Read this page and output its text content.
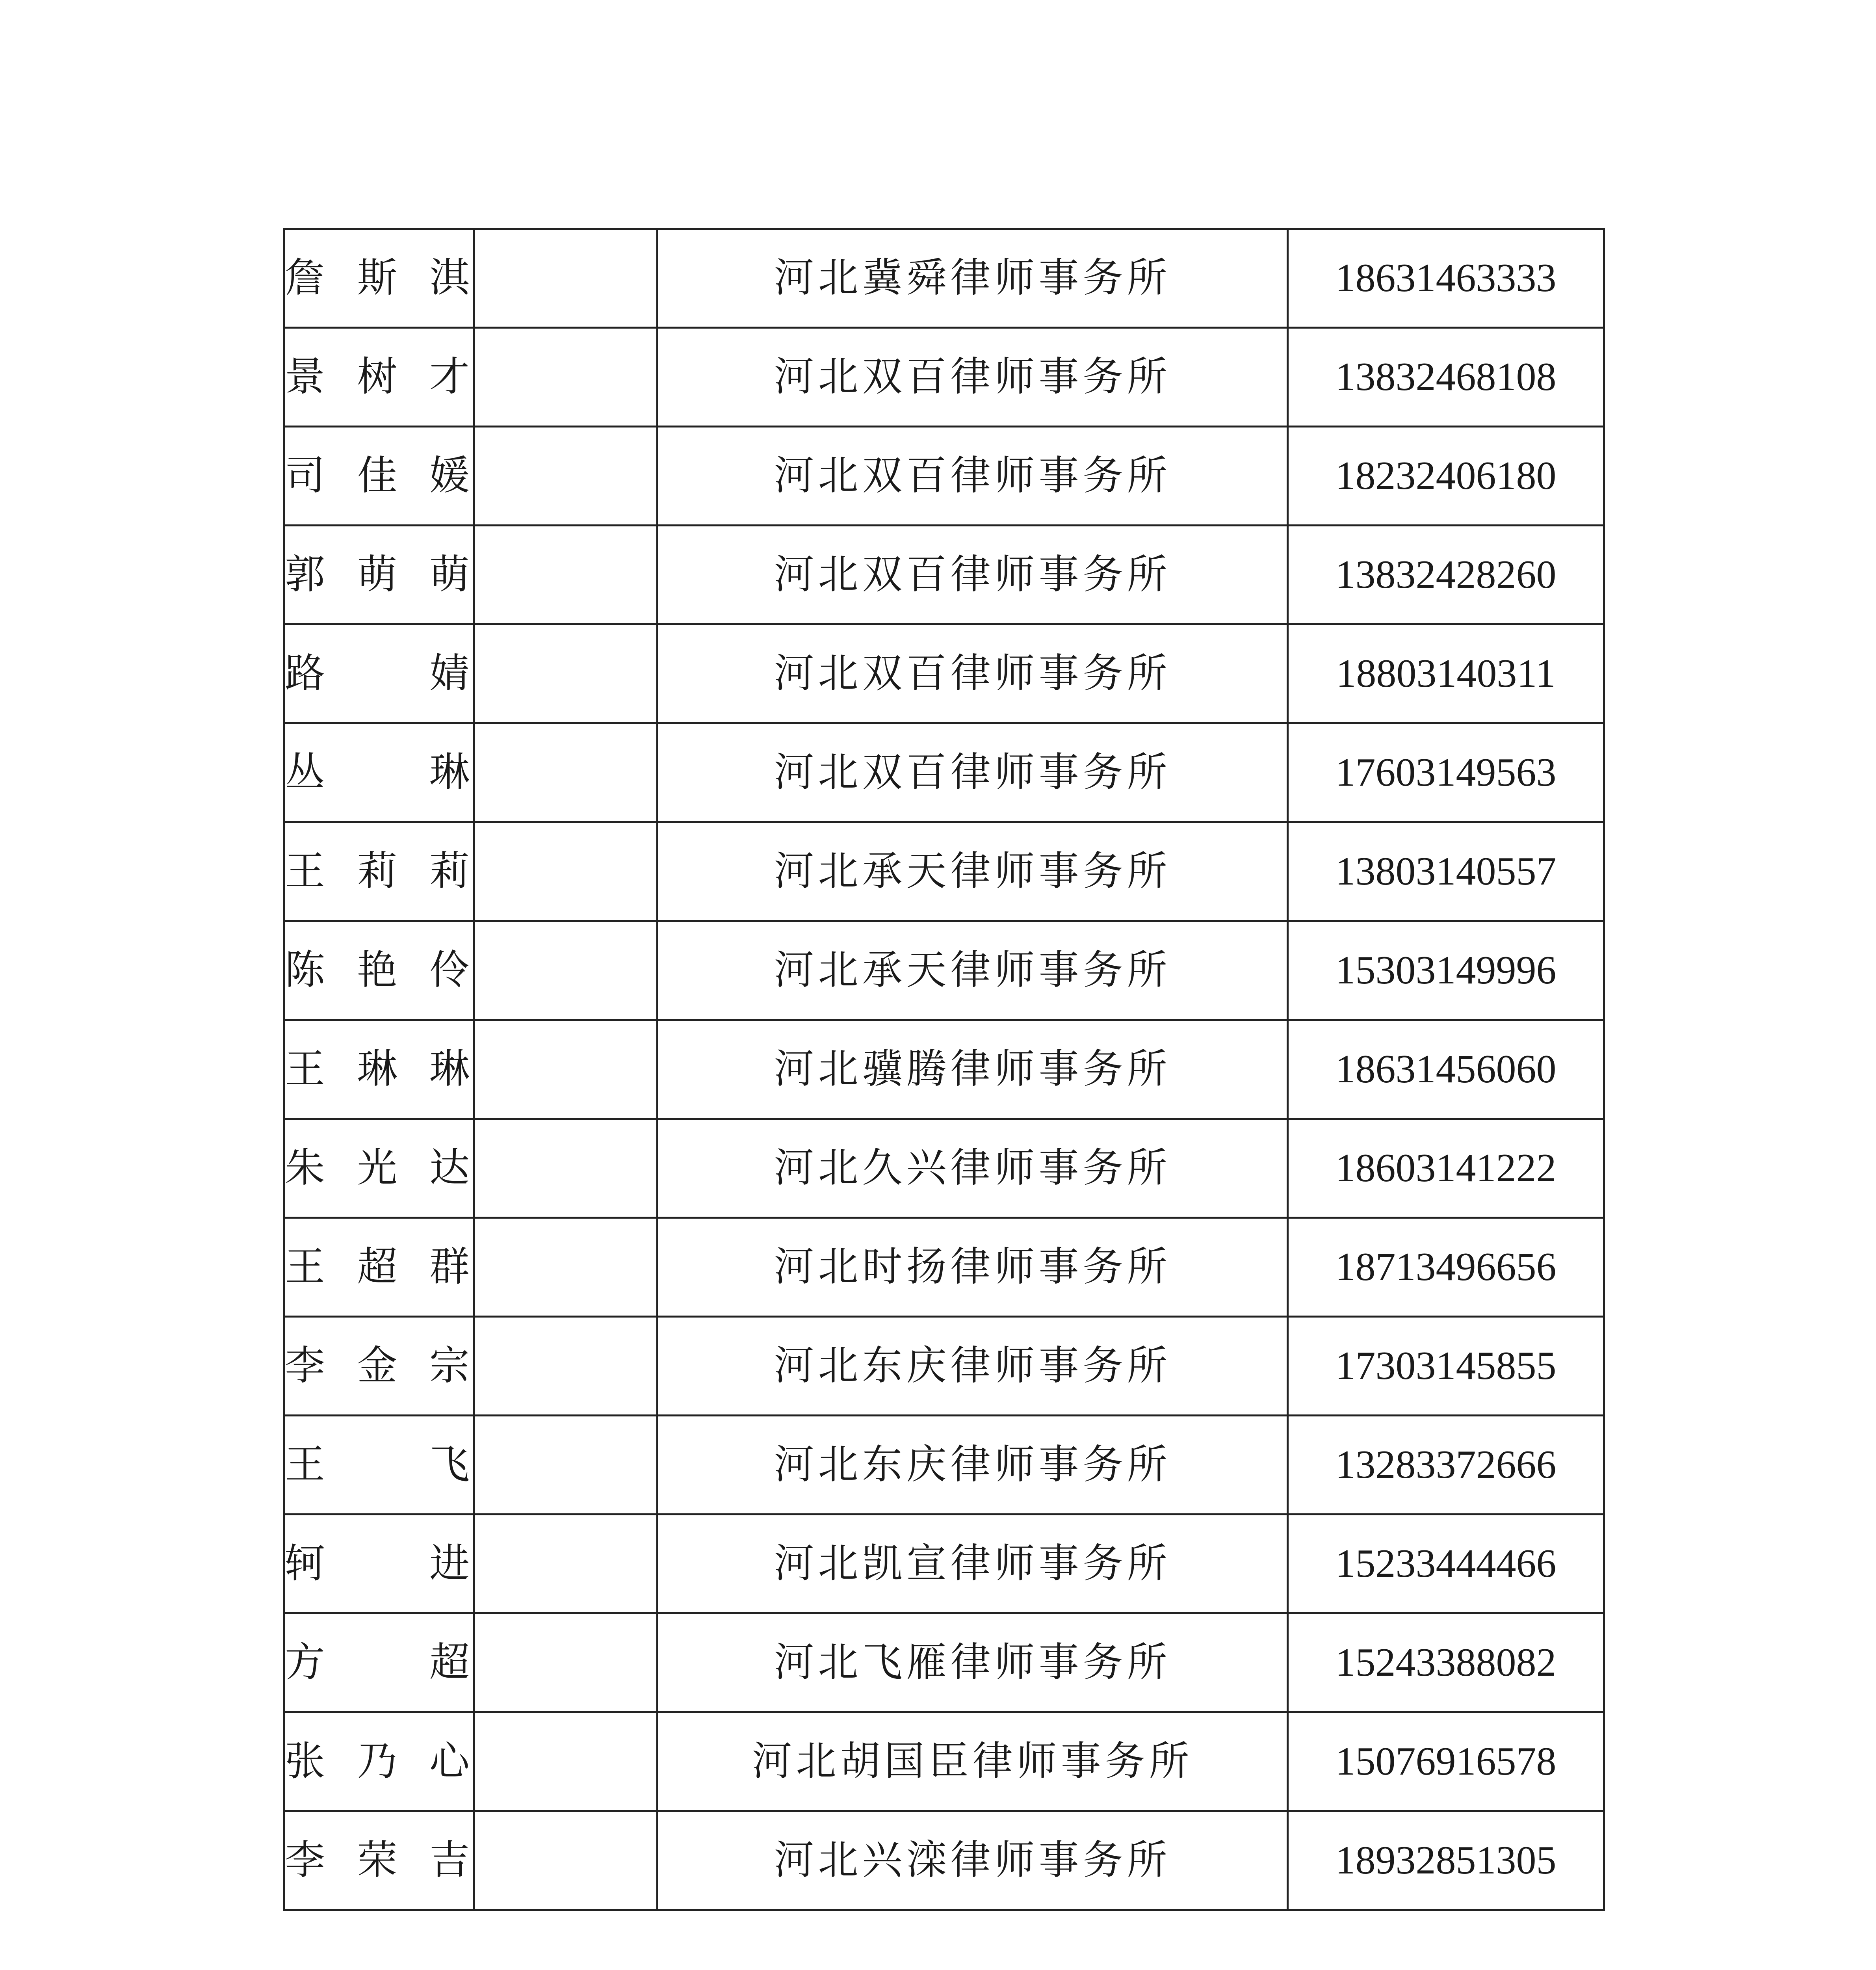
詹斯淇		河北冀舜律师事务所	18631463333

景树才		河北双百律师事务所	13832468108

司佳媛		河北双百律师事务所	18232406180

郭萌萌		河北双百律师事务所	13832428260

路婧		河北双百律师事务所	18803140311

丛琳		河北双百律师事务所	17603149563

王莉莉		河北承天律师事务所	13803140557

陈艳伶		河北承天律师事务所	15303149996

王琳琳		河北骥腾律师事务所	18631456060

朱光达		河北久兴律师事务所	18603141222

王超群		河北时扬律师事务所	18713496656

李金宗		河北东庆律师事务所	17303145855

王飞		河北东庆律师事务所	13283372666

轲进		河北凯宣律师事务所	15233444466

方超		河北飞雁律师事务所	15243388082

张乃心		河北胡国臣律师事务所	15076916578

李荣吉		河北兴滦律师事务所	18932851305
